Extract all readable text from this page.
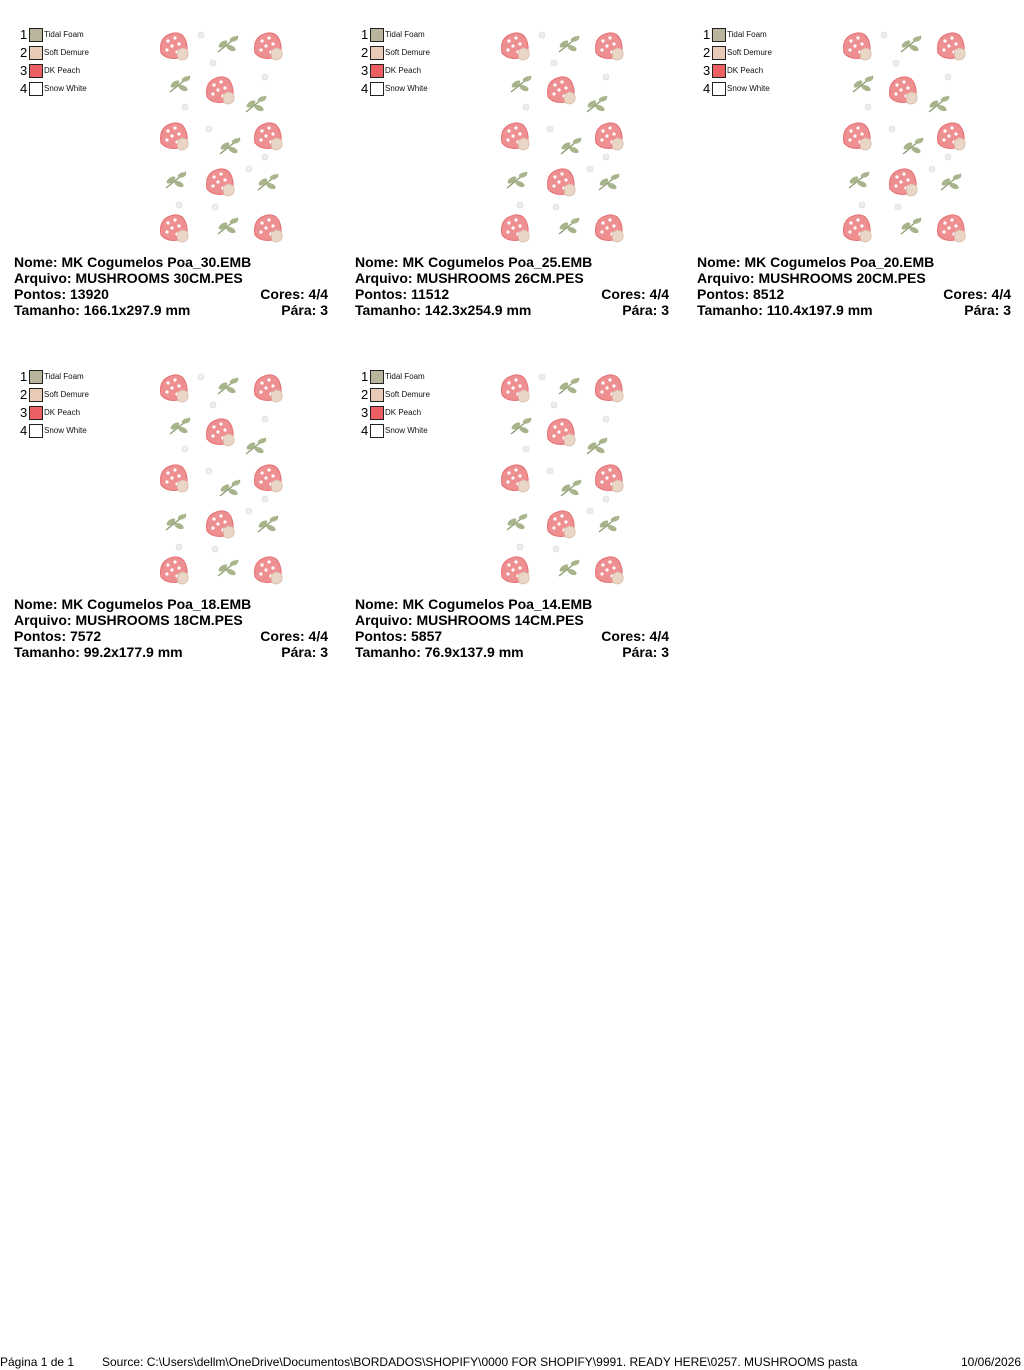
1 Tidal Foam
2 Soft Demure
3 DK Peach
4 Snow White
Nome: MK Cogumelos Poa_30.EMB
Arquivo: MUSHROOMS 30CM.PES
Pontos: 13920	Cores: 4/4
Tamanho: 166.1x297.9 mm	Pára: 3
1 Tidal Foam
2 Soft Demure
3 DK Peach
4 Snow White
Nome: MK Cogumelos Poa_25.EMB
Arquivo: MUSHROOMS 26CM.PES
Pontos: 11512	Cores: 4/4
Tamanho: 142.3x254.9 mm	Pára: 3
1 Tidal Foam
2 Soft Demure
3 DK Peach
4 Snow White
Nome: MK Cogumelos Poa_20.EMB
Arquivo: MUSHROOMS 20CM.PES
Pontos: 8512	Cores: 4/4
Tamanho: 110.4x197.9 mm	Pára: 3
1 Tidal Foam
2 Soft Demure
3 DK Peach
4 Snow White
Nome: MK Cogumelos Poa_18.EMB
Arquivo: MUSHROOMS 18CM.PES
Pontos: 7572	Cores: 4/4
Tamanho: 99.2x177.9 mm	Pára: 3
1 Tidal Foam
2 Soft Demure
3 DK Peach
4 Snow White
Nome: MK Cogumelos Poa_14.EMB
Arquivo: MUSHROOMS 14CM.PES
Pontos: 5857	Cores: 4/4
Tamanho: 76.9x137.9 mm	Pára: 3
Página 1 de 1 Source: C:\Users\dellm\OneDrive\Documentos\BORDADOS\SHOPIFY\0000 FOR SHOPIFY\9991. READY HERE\0257. MUSHROOMS pasta	10/06/2026
